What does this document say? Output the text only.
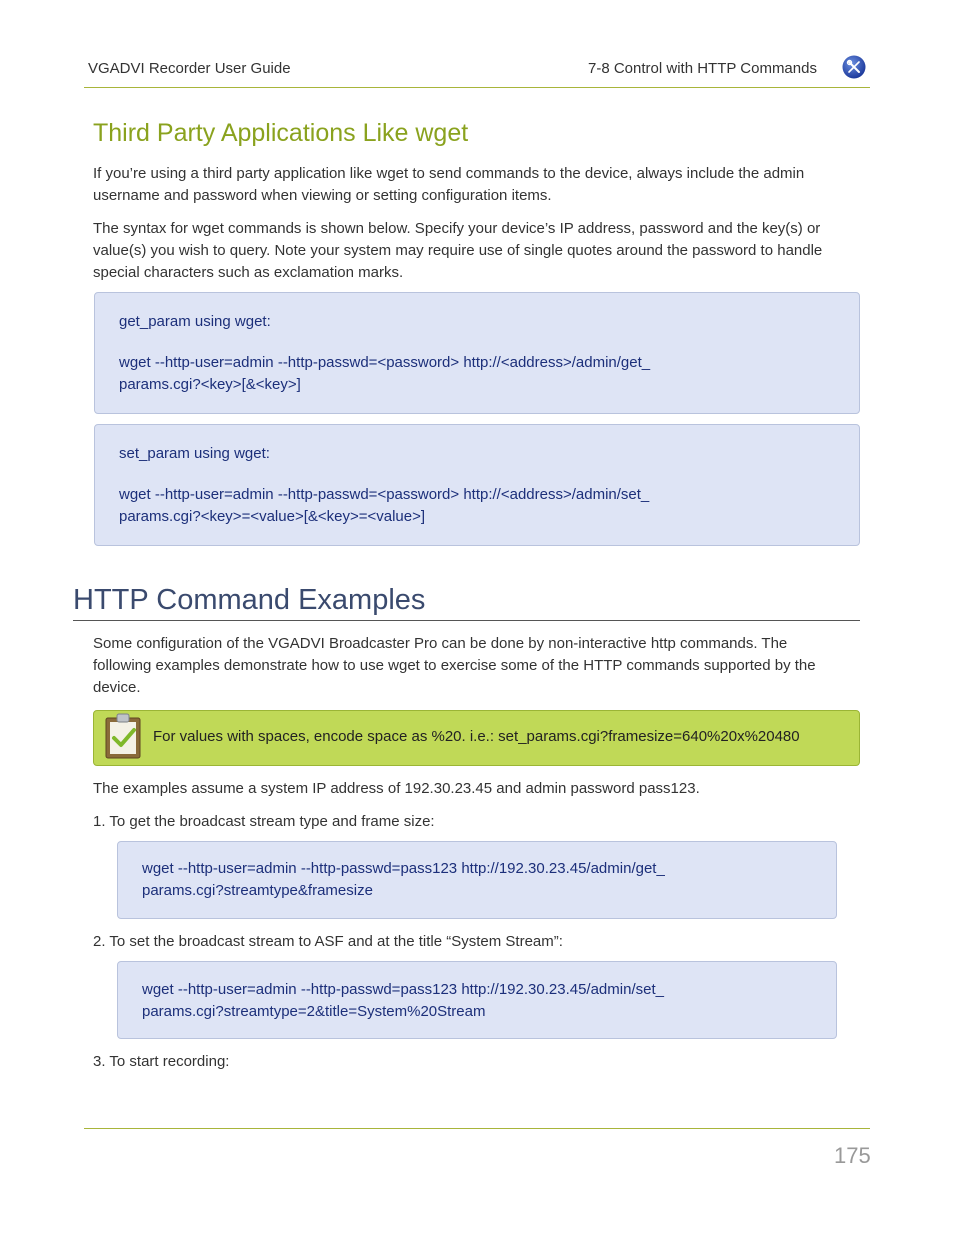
VGADVI Recorder User Guide	7-8 Control with HTTP Commands
Third Party Applications Like wget
If you’re using a third party application like wget to send commands to the device, always include the admin
username and password when viewing or setting configuration items.
The syntax for wget commands is shown below. Specify your device’s IP address, password and the key(s) or
value(s) you wish to query. Note your system may require use of single quotes around the password to handle
special characters such as exclamation marks.
get_param using wget:
wget --http-user=admin --http-passwd=<password> http://<address>/admin/get_
params.cgi?<key>[&<key>]
set_param using wget:
wget --http-user=admin --http-passwd=<password> http://<address>/admin/set_
params.cgi?<key>=<value>[&<key>=<value>]
HTTP Command Examples
Some configuration of the VGADVI Broadcaster Pro can be done by non-interactive http commands. The
following examples demonstrate how to use wget to exercise some of the HTTP commands supported by the
device.
For values with spaces, encode space as %20. i.e.: set_params.cgi?framesize=640%20x%20480
The examples assume a system IP address of 192.30.23.45 and admin password pass123.
1. To get the broadcast stream type and frame size:
wget --http-user=admin --http-passwd=pass123 http://192.30.23.45/admin/get_
params.cgi?streamtype&framesize
2. To set the broadcast stream to ASF and at the title “System Stream”:
wget --http-user=admin --http-passwd=pass123 http://192.30.23.45/admin/set_
params.cgi?streamtype=2&title=System%20Stream
3. To start recording:
175
